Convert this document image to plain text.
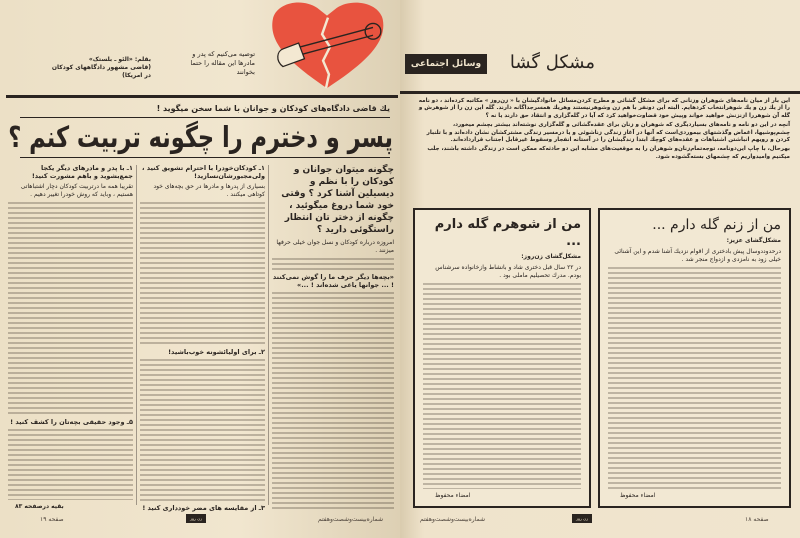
بقلم: «الئو ـ بلستک»
(قاضی مشهور دادگاههای کودکان
در امریکا)
توصیه می‌کنیم که پدر و
مادرها این مقاله را حتما
بخوانند
یك قاضی دادگاه‌های کودکان و جوانان با شما سخن میگوید !
پسر و دخترم را چگونه تربیت کنم ؟
چگونه میتوان جوانان و کودکان را با نظم و دیسیلین آشنا کرد ؟ وقتی خود شما دروغ میگوئید ، چگونه از دختر تان انتظار راستگوئی دارید ؟
امروزه درباره کودکان و نسل جوان خیلی حرفها میزنند .
«بچه‌ها دیگر حرف ما را گوش نمی‌کنند ! ... جوانها یاغی شده‌اند ! ...»
۱ـ کودکان‌خودرا با احترام تشویق کنید ، ولی‌مجبورشان‌نسازید!
بسیاری از پدرها و مادرها در حق بچه‌های خود کوتاهی میکنند .
۲ـ برای اولیائشونه خوب‌باشید!
۳ـ از مقایسه های مضر خودداری کنید !
۱ـ با پدر و مادرهای دیگر یکجا جمع‌بشوید و باهم مشورت کنید!
تقریبا همه ما درتربیت کودکان دچار اشتباهاتی هستیم ، وباید که روش خودرا تغییر دهیم .
۵ـ وجود حقیقی بچه‌تان را کشف کنید !
بقیه درصفحه ۸۳
صفحه ۱۹	زن روز	شماره‌بیست‌وشصت‌وهفتم
وسائل اجتماعی	مشکل گشا

این بار از میان نامه‌های شوهران وزنانی که برای مشکل گشائی و مطرح کردن‌مسائل خانوادگیشان با « زن‌روز » مکاتبه کرده‌اند ، دو نامه را از یك زن و یك شوهرانتخاب کردهایم. البته این دونفر با هم زن وشوهرنیستند وهریك همسرجداگانه دارند. گله این زن را از شوهرش و گله آن شوهررا ازنزنش خواهید خواند وپیش خود قضاوت‌خواهید کرد که آیا در گله‌گزاری و انتقاد حق دارند یا نه ؟

آنچه در این دو نامه و نامه‌های بسیاردیگری که شوهران و زنان برای عقده‌گشائی و گله‌گزاری نوشته‌اند بیشتر بچشم میخورد، چشم‌پوشیها، اغماض وگذشتهای بیموردی‌است که آنها در آغاز زندگی زناشوئی و یا درمسیر زندگی مشترکشان نشان داده‌اند و با تلنبار کردن و رویهم انباشتن اشتباهات و عقده‌های کوچك ابتدا زندگیشان را در آستانه انفجار وسقوط غیرقابل اجتناب قرارداده‌اند.

بهرحال، با چاپ این‌دونامه، توجه‌تمام‌زنان‌و شوهران را به موقعیت‌های مشابه این دو حادثه‌که ممکن است در زندگی داشته باشند، جلب میکنیم وامیدواریم که چشمهای بسته‌گشوده شود.

من از زنم گله دارم ...
مشکل‌گشای عزیز:
درحدوددوسال پیش بادختری از اقوام نزدیك آشنا شدم و این آشنائی خیلی زود به نامزدی و ازدواج منجر شد .
امضاء محفوظ
من از شوهرم گله دارم ...
مشکل‌گشای زن‌روز:
در ۲۲ سال قبل دختری شاد و بانشاط وازخانواده سرشناس بودم. مدرك تحصیلیم ماملی بود .
امضاء محفوظ
شماره‌بیست‌وشصت‌وهفتم	زن روز	صفحه ۱۸
